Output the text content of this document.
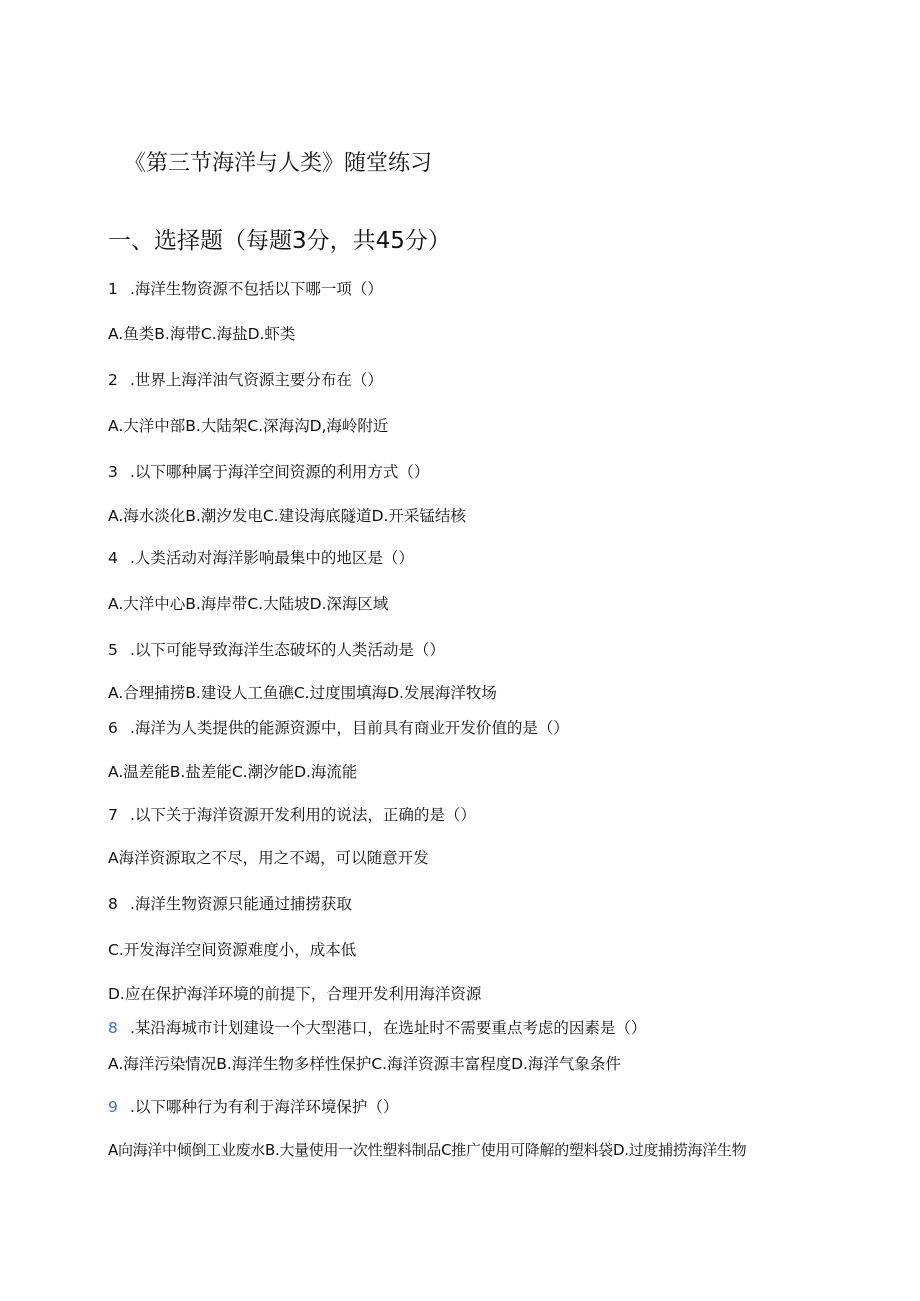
《第三节海洋与人类》随堂练习
一、选择题（每题3分，共45分）
1 .海洋生物资源不包括以下哪一项（）
A.鱼类B.海带C.海盐D.虾类
2 .世界上海洋油气资源主要分布在（）
A.大洋中部B.大陆架C.深海沟D,海岭附近
3 .以下哪种属于海洋空间资源的利用方式（）
A.海水淡化B.潮汐发电C.建设海底隧道D.开采锰结核
4 .人类活动对海洋影响最集中的地区是（）
A.大洋中心B.海岸带C.大陆坡D.深海区域
5 .以下可能导致海洋生态破坏的人类活动是（）
A.合理捕捞B.建设人工鱼礁C.过度围填海D.发展海洋牧场
6 .海洋为人类提供的能源资源中，目前具有商业开发价值的是（）
A.温差能B.盐差能C.潮汐能D.海流能
7 .以下关于海洋资源开发利用的说法，正确的是（）
A海洋资源取之不尽，用之不竭，可以随意开发
8 .海洋生物资源只能通过捕捞获取
C.开发海洋空间资源难度小，成本低
D.应在保护海洋环境的前提下，合理开发利用海洋资源
8 .某沿海城市计划建设一个大型港口，在选址时不需要重点考虑的因素是（）
A.海洋污染情况B.海洋生物多样性保护C.海洋资源丰富程度D.海洋气象条件
9 .以下哪种行为有利于海洋环境保护（）
A向海洋中倾倒工业废水B.大量使用一次性塑料制品C推广使用可降解的塑料袋D.过度捕捞海洋生物
